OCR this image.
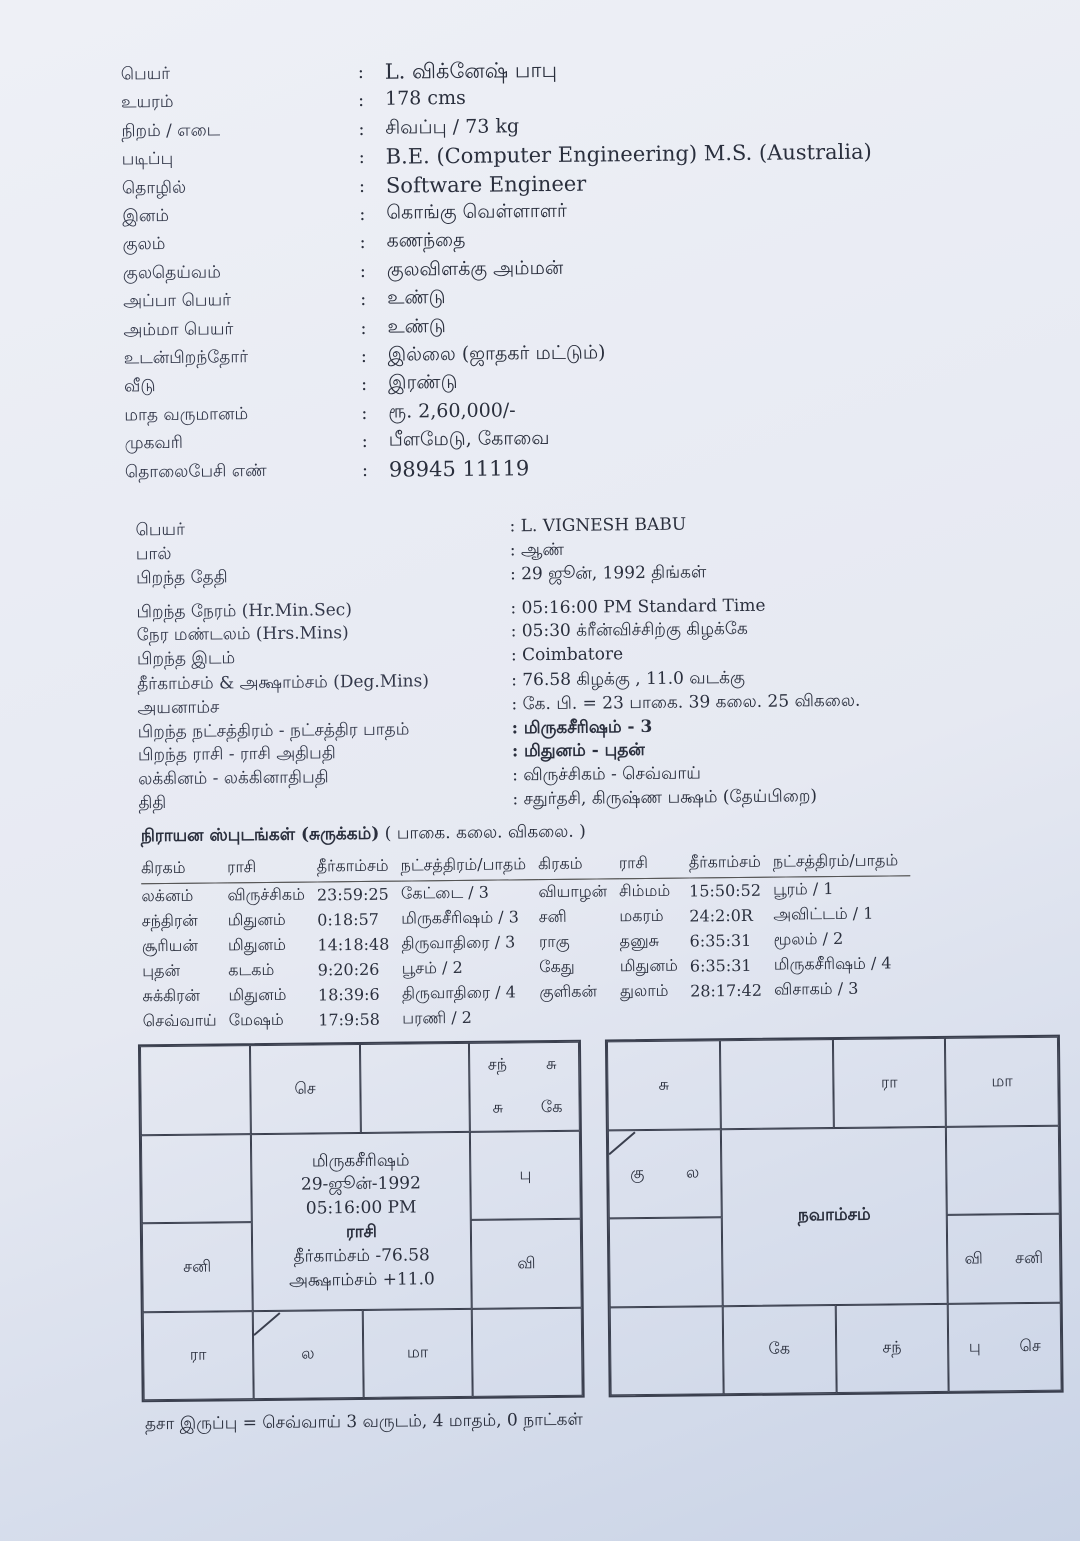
பெயர்	: L. விக்னேஷ் பாபு
உயரம்	: 178 cms
நிறம் / எடை	: சிவப்பு / 73 kg
படிப்பு	: B.E. (Computer Engineering) M.S. (Australia)
தொழில்	: Software Engineer
இனம்	: கொங்கு வெள்ளாளர்
குலம்	: கணந்தை
குலதெய்வம்	: குலவிளக்கு அம்மன்
அப்பா பெயர்	: உண்டு
அம்மா பெயர்	: உண்டு
உடன்பிறந்தோர்	: இல்லை (ஜாதகர் மட்டும்)
வீடு	: இரண்டு
மாத வருமானம்	: ரூ. 2,60,000/-
முகவரி	: பீளமேடு, கோவை
தொலைபேசி எண்	: 98945 11119
பெயர்	: L. VIGNESH BABU
பால்	: ஆண்
பிறந்த தேதி	: 29 ஜூன், 1992 திங்கள்
பிறந்த நேரம் (Hr.Min.Sec)	: 05:16:00 PM Standard Time
நேர மண்டலம் (Hrs.Mins)	: 05:30 க்ரீன்விச்சிற்கு கிழக்கே
பிறந்த இடம்	: Coimbatore
தீர்காம்சம் & அக்ஷாம்சம் (Deg.Mins)	: 76.58 கிழக்கு , 11.0 வடக்கு
அயனாம்ச	: கே. பி. = 23 பாகை. 39 கலை. 25 விகலை.
பிறந்த நட்சத்திரம் - நட்சத்திர பாதம்	: மிருகசீரிஷம் - 3
பிறந்த ராசி - ராசி அதிபதி	: மிதுனம் - புதன்
லக்கினம் - லக்கினாதிபதி	: விருச்சிகம் - செவ்வாய்
திதி	: சதுர்தசி, கிருஷ்ண பக்ஷம் (தேய்பிறை)
நிராயன ஸ்புடங்கள் (சுருக்கம்) ( பாகை. கலை. விகலை. )
கிரகம்	ராசி	தீர்காம்சம்	நட்சத்திரம்/பாதம்	கிரகம்	ராசி	தீர்காம்சம்	நட்சத்திரம்/பாதம்
லக்னம்	விருச்சிகம்	23:59:25	கேட்டை / 3	வியாழன்	சிம்மம்	15:50:52	பூரம் / 1
சந்திரன்	மிதுனம்	0:18:57	மிருகசீரிஷம் / 3	சனி	மகரம்	24:2:0R	அவிட்டம் / 1
சூரியன்	மிதுனம்	14:18:48	திருவாதிரை / 3	ராகு	தனுசு	6:35:31	மூலம் / 2
புதன்	கடகம்	9:20:26	பூசம் / 2	கேது	மிதுனம்	6:35:31	மிருகசீரிஷம் / 4
சுக்கிரன்	மிதுனம்	18:39:6	திருவாதிரை / 4	குளிகன்	துலாம்	28:17:42	விசாகம் / 3
செவ்வாய்	மேஷம்	17:9:58	பரணி / 2				
செ
சந்	சு
சு	கே
பு
சனி	வி
ரா	ல	மா
மிருகசீரிஷம்
29-ஜூன்-1992
05:16:00 PM
ராசி
தீர்காம்சம் -76.58
அக்ஷாம்சம் +11.0
சு	ரா	மா
கு	ல
வி சனி
கே	சந்	பு செ
நவாம்சம்
தசா இருப்பு = செவ்வாய் 3 வருடம், 4 மாதம், 0 நாட்கள்
